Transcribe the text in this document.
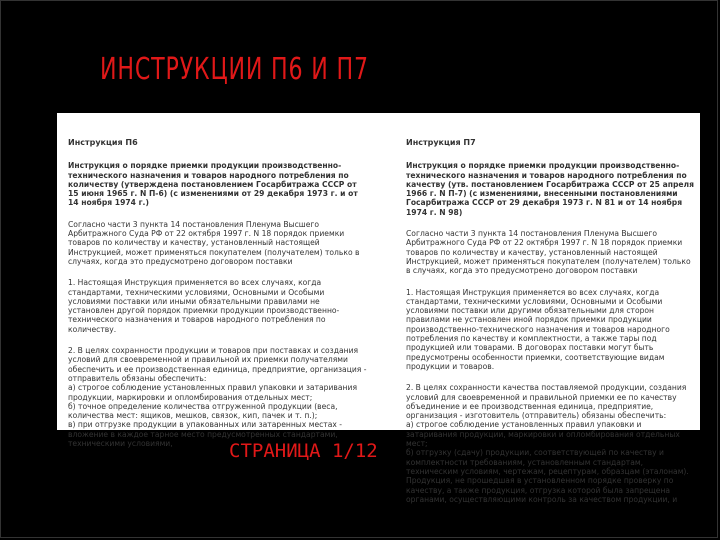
ИНСТРУКЦИИ П6 И П7
Инструкция П6
Инструкция о порядке приемки продукции производственно-технического назначения и товаров народного потребления по количеству (утверждена постановлением Госарбитража СССР от 15 июня 1965 г. N П-6) (с изменениями от 29 декабря 1973 г. и от 14 ноября 1974 г.)

Согласно части 3 пункта 14 постановления Пленума Высшего Арбитражного Суда РФ от 22 октября 1997 г. N 18 порядок приемки товаров по количеству и качеству, установленный настоящей Инструкцией, может применяться покупателем (получателем) только в случаях, когда это предусмотрено договором поставки

1. Настоящая Инструкция применяется во всех случаях, когда стандартами, техническими условиями, Основными и Особыми условиями поставки или иными обязательными правилами не установлен другой порядок приемки продукции производственно-технического назначения и товаров народного потребления по количеству.

2. В целях сохранности продукции и товаров при поставках и создания условий для своевременной и правильной их приемки получателями обеспечить и ее производственная единица, предприятие, организация - отправитель обязаны обеспечить:
а) строгое соблюдение установленных правил упаковки и затаривания продукции, маркировки и опломбирования отдельных мест;
б) точное определение количества отгруженной продукции (веса, количества мест: ящиков, мешков, связок, кип, пачек и т. п.);
в) при отгрузке продукции в упакованных или затаренных местах - вложение в каждое тарное место предусмотренных стандартами, техническими условиями,
Инструкция П7
Инструкция о порядке приемки продукции производственно-технического назначения и товаров народного потребления по качеству (утв. постановлением Госарбитража СССР от 25 апреля 1966 г. N П-7) (с изменениями, внесенными постановлениями Госарбитража СССР от 29 декабря 1973 г. N 81 и от 14 ноября 1974 г. N 98)

Согласно части 3 пункта 14 постановления Пленума Высшего Арбитражного Суда РФ от 22 октября 1997 г. N 18 порядок приемки товаров по количеству и качеству, установленный настоящей Инструкцией, может применяться покупателем (получателем) только в случаях, когда это предусмотрено договором поставки

1. Настоящая Инструкция применяется во всех случаях, когда стандартами, техническими условиями, Основными и Особыми условиями поставки или другими обязательными для сторон правилами не установлен иной порядок приемки продукции производственно-технического назначения и товаров народного потребления по качеству и комплектности, а также тары под продукцией или товарами. В договорах поставки могут быть предусмотрены особенности приемки, соответствующие видам продукции и товаров.

2. В целях сохранности качества поставляемой продукции, создания условий для своевременной и правильной приемки ее по качеству объединение и ее производственная единица, предприятие, организация - изготовитель (отправитель) обязаны обеспечить:
а) строгое соблюдение установленных правил упаковки и затаривания продукции, маркировки и опломбирования отдельных мест;
б) отгрузку (сдачу) продукции, соответствующей по качеству и комплектности требованиям, установленным стандартам, техническим условиям, чертежам, рецептурам, образцам (эталонам). Продукция, не прошедшая в установленном порядке проверку по качеству, а также продукция, отгрузка которой была запрещена органами, осуществляющими контроль за качеством продукции, и
СТРАНИЦА 1/12
